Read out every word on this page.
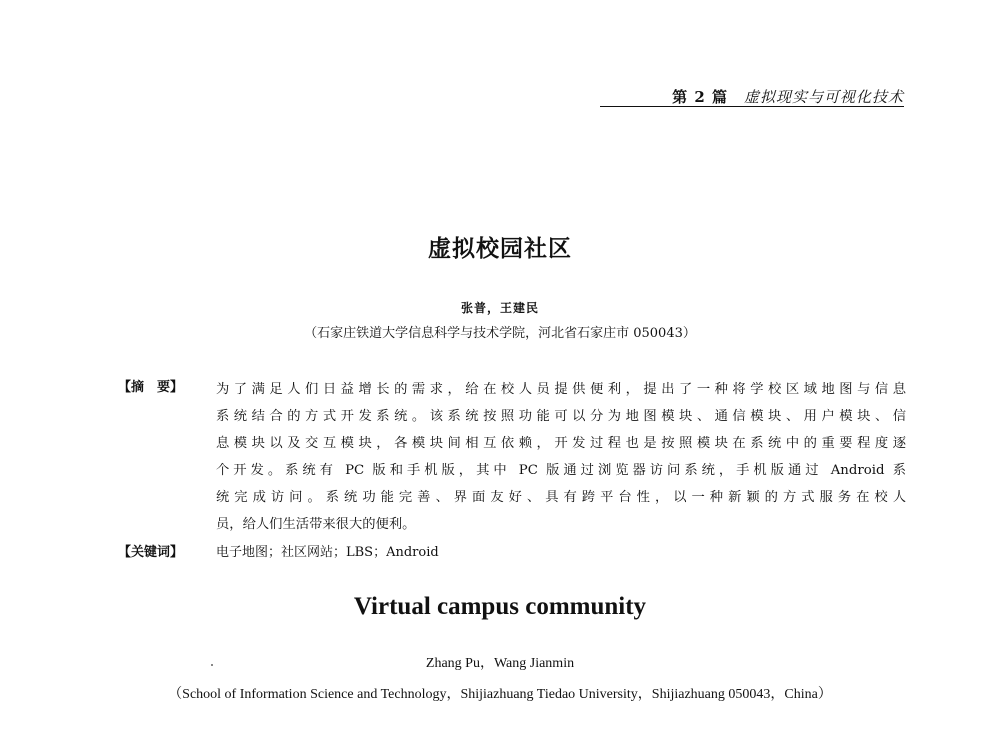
第 2 篇 虚拟现实与可视化技术
虚拟校园社区
张普，王建民
（石家庄铁道大学信息科学与技术学院，河北省石家庄市 050043）
【摘　要】 为了满足人们日益增长的需求，给在校人员提供便利，提出了一种将学校区域地图与信息
系统结合的方式开发系统。该系统按照功能可以分为地图模块、通信模块、用户模块、信
息模块以及交互模块，各模块间相互依赖，开发过程也是按照模块在系统中的重要程度逐
个开发。系统有 PC 版和手机版，其中 PC 版通过浏览器访问系统，手机版通过 Android 系
统完成访问。系统功能完善、界面友好、具有跨平台性，以一种新颖的方式服务在校人
员，给人们生活带来很大的便利。
【关键词】	电子地图；社区网站；LBS；Android
Virtual campus community
Zhang Pu，Wang Jianmin
（School of Information Science and Technology，Shijiazhuang Tiedao University，Shijiazhuang 050043，China）
